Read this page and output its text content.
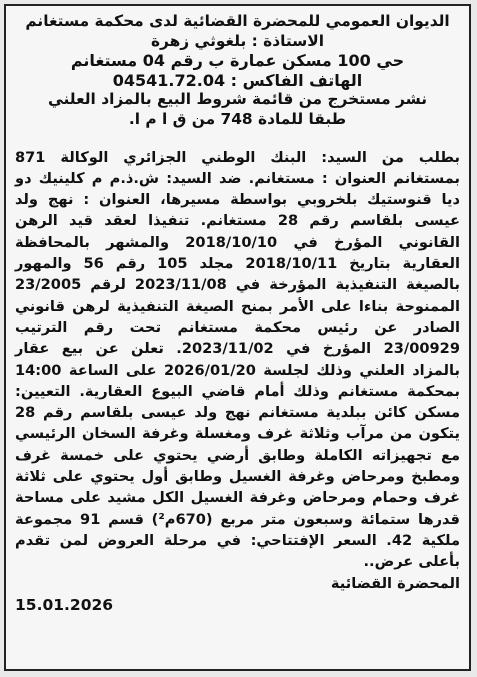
الديوان العمومي للمحضرة القضائية لدى محكمة مستغانم
الاستاذة : بلغوثي زهرة
حي 100 مسكن عمارة ب رقم 04 مستغانم
الهاتف الفاكس : 04541.72.04
نشر مستخرج من قائمة شروط البيع بالمزاد العلني
طبقا للمادة 748 من ق ا م ا.
بطلب من السيد: البنك الوطني الجزائري الوكالة 871 بمستغانم العنوان : مستغانم. ضد السيد: ش.ذ.م م كلينيك دو ديا قنوستيك بلخروبي بواسطة مسيرها، العنوان : نهج ولد عيسى بلقاسم رقم 28 مستغانم. تنفيذا لعقد قيد الرهن القانوني المؤرخ في 2018/10/10 والمشهر بالمحافظة العقارية بتاريخ 2018/10/11 مجلد 105 رقم 56 والمهور بالصيغة التنفيذية المؤرخة في 2023/11/08 لرقم 23/2005 الممنوحة بناءا على الأمر بمنح الصيغة التنفيذية لرهن قانوني الصادر عن رئيس محكمة مستغانم تحت رقم الترتيب 23/00929 المؤرخ في 2023/11/02. تعلن عن بيع عقار بالمزاد العلني وذلك لجلسة 2026/01/20 على الساعة 14:00 بمحكمة مستغانم وذلك أمام قاضي البيوع العقارية. التعيين: مسكن كائن ببلدية مستغانم نهج ولد عيسى بلقاسم رقم 28 يتكون من مرآب وثلاثة غرف ومغسلة وغرفة السخان الرئيسي مع تجهيزاته الكاملة وطابق أرضي يحتوي على خمسة غرف ومطبخ ومرحاض وغرفة الغسيل وطابق أول يحتوي على ثلاثة غرف وحمام ومرحاض وغرفة الغسيل الكل مشيد على مساحة قدرها ستمائة وسبعون متر مربع (670م²) قسم 91 مجموعة ملكية 42. السعر الإفتتاحي: في مرحلة العروض لمن تقدم بأعلى عرض..
المحضرة القضائية
15.01.2026
